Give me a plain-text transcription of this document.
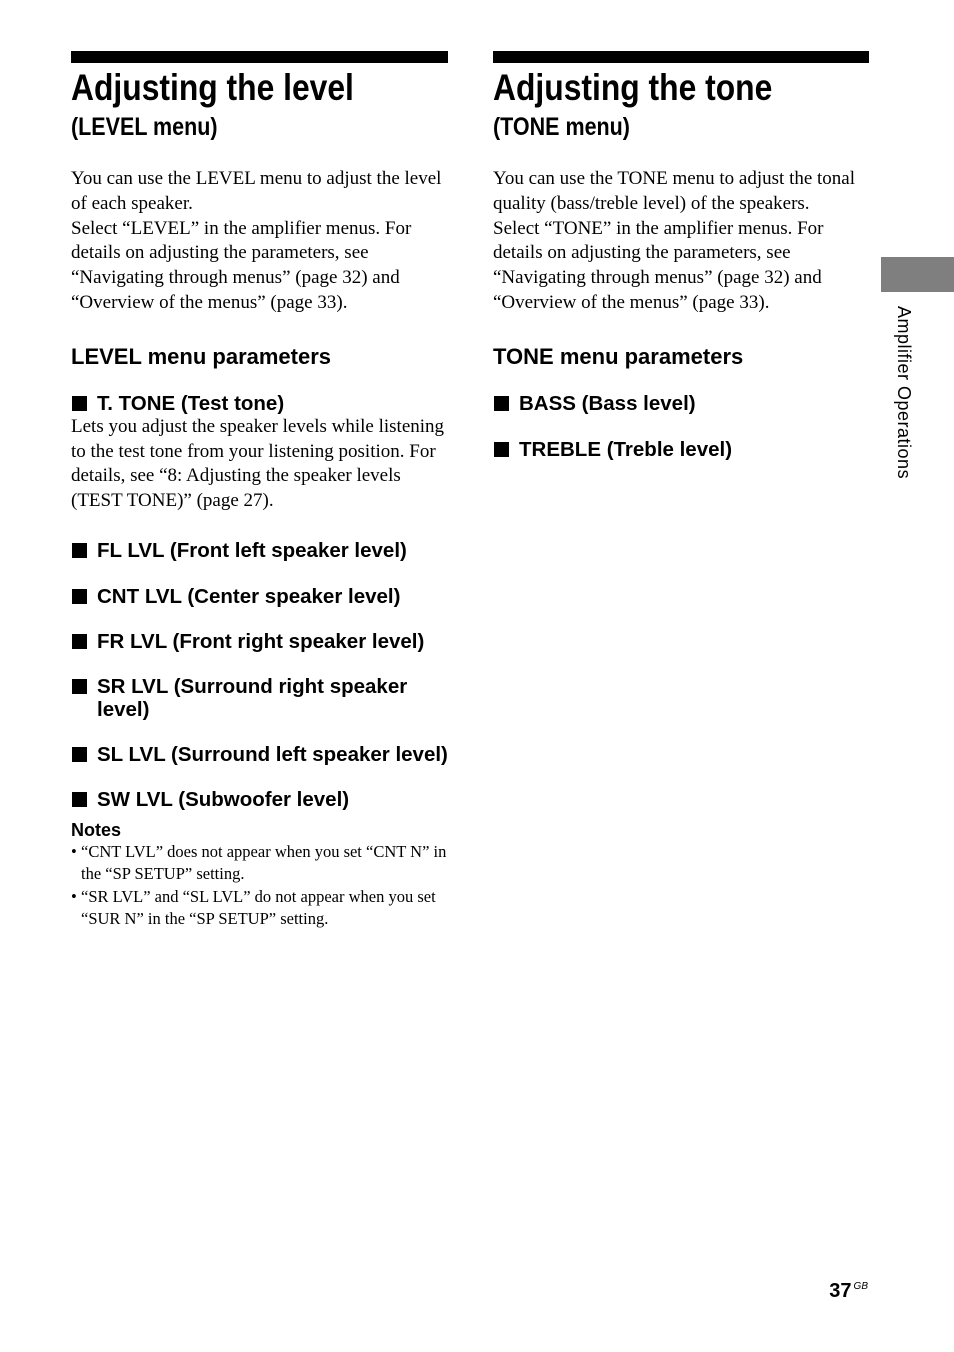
Adjusting the level
(LEVEL menu)

You can use the LEVEL menu to adjust the level of each speaker.

Select “LEVEL” in the amplifier menus. For details on adjusting the parameters, see “Navigating through menus” (page 32) and “Overview of the menus” (page 33).

LEVEL menu parameters
T. TONE (Test tone)

Lets you adjust the speaker levels while listening to the test tone from your listening position. For details, see “8: Adjusting the speaker levels (TEST TONE)” (page 27).

FL LVL (Front left speaker level)
CNT LVL (Center speaker level)
FR LVL (Front right speaker level)
SR LVL (Surround right speaker level)
SL LVL (Surround left speaker level)
SW LVL (Subwoofer level)
Notes
• “CNT LVL” does not appear when you set “CNT N” in the “SP SETUP” setting.
• “SR LVL” and “SL LVL” do not appear when you set “SUR N” in the “SP SETUP” setting.
Adjusting the tone
(TONE menu)

You can use the TONE menu to adjust the tonal quality (bass/treble level) of the speakers.

Select “TONE” in the amplifier menus. For details on adjusting the parameters, see “Navigating through menus” (page 32) and “Overview of the menus” (page 33).

TONE menu parameters
BASS (Bass level)
TREBLE (Treble level)	Amplifier Operations
37 $^{GB}$
